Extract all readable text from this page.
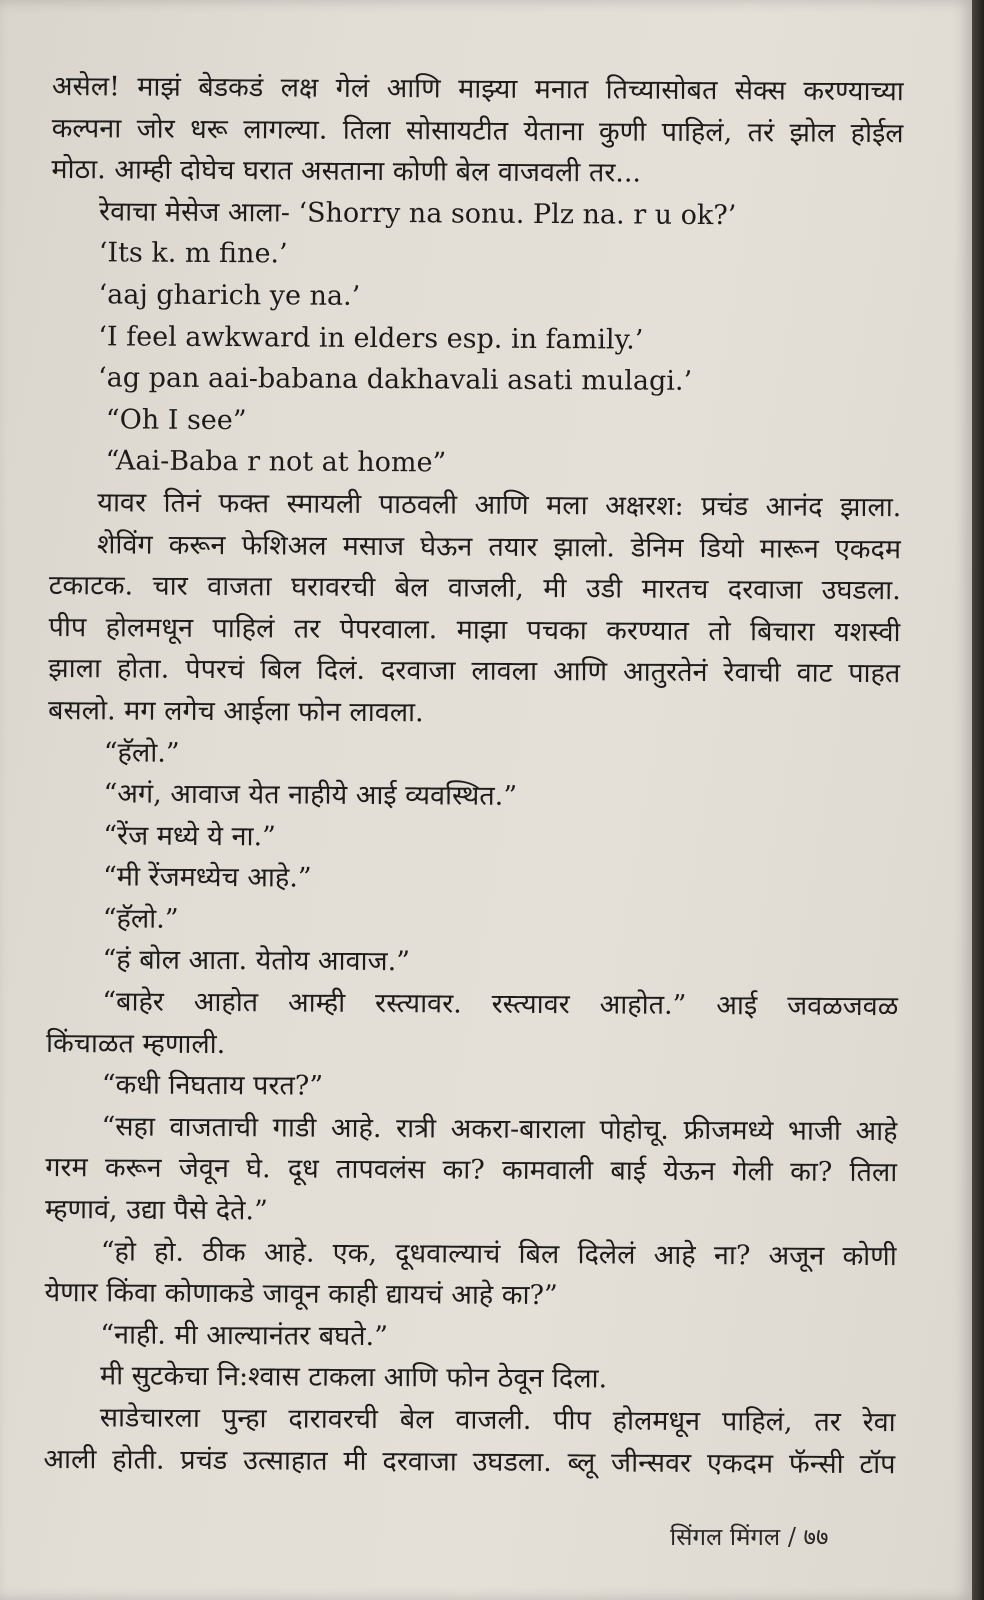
असेल! माझं बेडकडं लक्ष गेलं आणि माझ्या मनात तिच्यासोबत सेक्स करण्याच्या
कल्पना जोर धरू लागल्या. तिला सोसायटीत येताना कुणी पाहिलं, तरं झोल होईल
मोठा. आम्ही दोघेच घरात असताना कोणी बेल वाजवली तर...
रेवाचा मेसेज आला- ‘Shorry na sonu. Plz na. r u ok?’
‘Its k. m fine.’
‘aaj gharich ye na.’
‘I feel awkward in elders esp. in family.’
‘ag pan aai-babana dakhavali asati mulagi.’
“Oh I see”
“Aai-Baba r not at home”
यावर तिनं फक्त स्मायली पाठवली आणि मला अक्षरश: प्रचंड आनंद झाला.
शेविंग करून फेशिअल मसाज घेऊन तयार झालो. डेनिम डियो मारून एकदम
टकाटक. चार वाजता घरावरची बेल वाजली, मी उडी मारतच दरवाजा उघडला.
पीप होलमधून पाहिलं तर पेपरवाला. माझा पचका करण्यात तो बिचारा यशस्वी
झाला होता. पेपरचं बिल दिलं. दरवाजा लावला आणि आतुरतेनं रेवाची वाट पाहत
बसलो. मग लगेच आईला फोन लावला.
“हॅलो.”
“अगं, आवाज येत नाहीये आई व्यवस्थित.”
“रेंज मध्ये ये ना.”
“मी रेंजमध्येच आहे.”
“हॅलो.”
“हं बोल आता. येतोय आवाज.”
“बाहेर आहोत आम्ही रस्त्यावर. रस्त्यावर आहोत.” आई जवळजवळ
किंचाळत म्हणाली.
“कधी निघताय परत?”
“सहा वाजताची गाडी आहे. रात्री अकरा-बाराला पोहोचू. फ्रीजमध्ये भाजी आहे
गरम करून जेवून घे. दूध तापवलंस का? कामवाली बाई येऊन गेली का? तिला
म्हणावं, उद्या पैसे देते.”
“हो हो. ठीक आहे. एक, दूधवाल्याचं बिल दिलेलं आहे ना? अजून कोणी
येणार किंवा कोणाकडे जावून काही द्यायचं आहे का?”
“नाही. मी आल्यानंतर बघते.”
मी सुटकेचा नि:श्वास टाकला आणि फोन ठेवून दिला.
साडेचारला पुन्हा दारावरची बेल वाजली. पीप होलमधून पाहिलं, तर रेवा
आली होती. प्रचंड उत्साहात मी दरवाजा उघडला. ब्लू जीन्सवर एकदम फॅन्सी टॉप
सिंगल मिंगल / ७७
